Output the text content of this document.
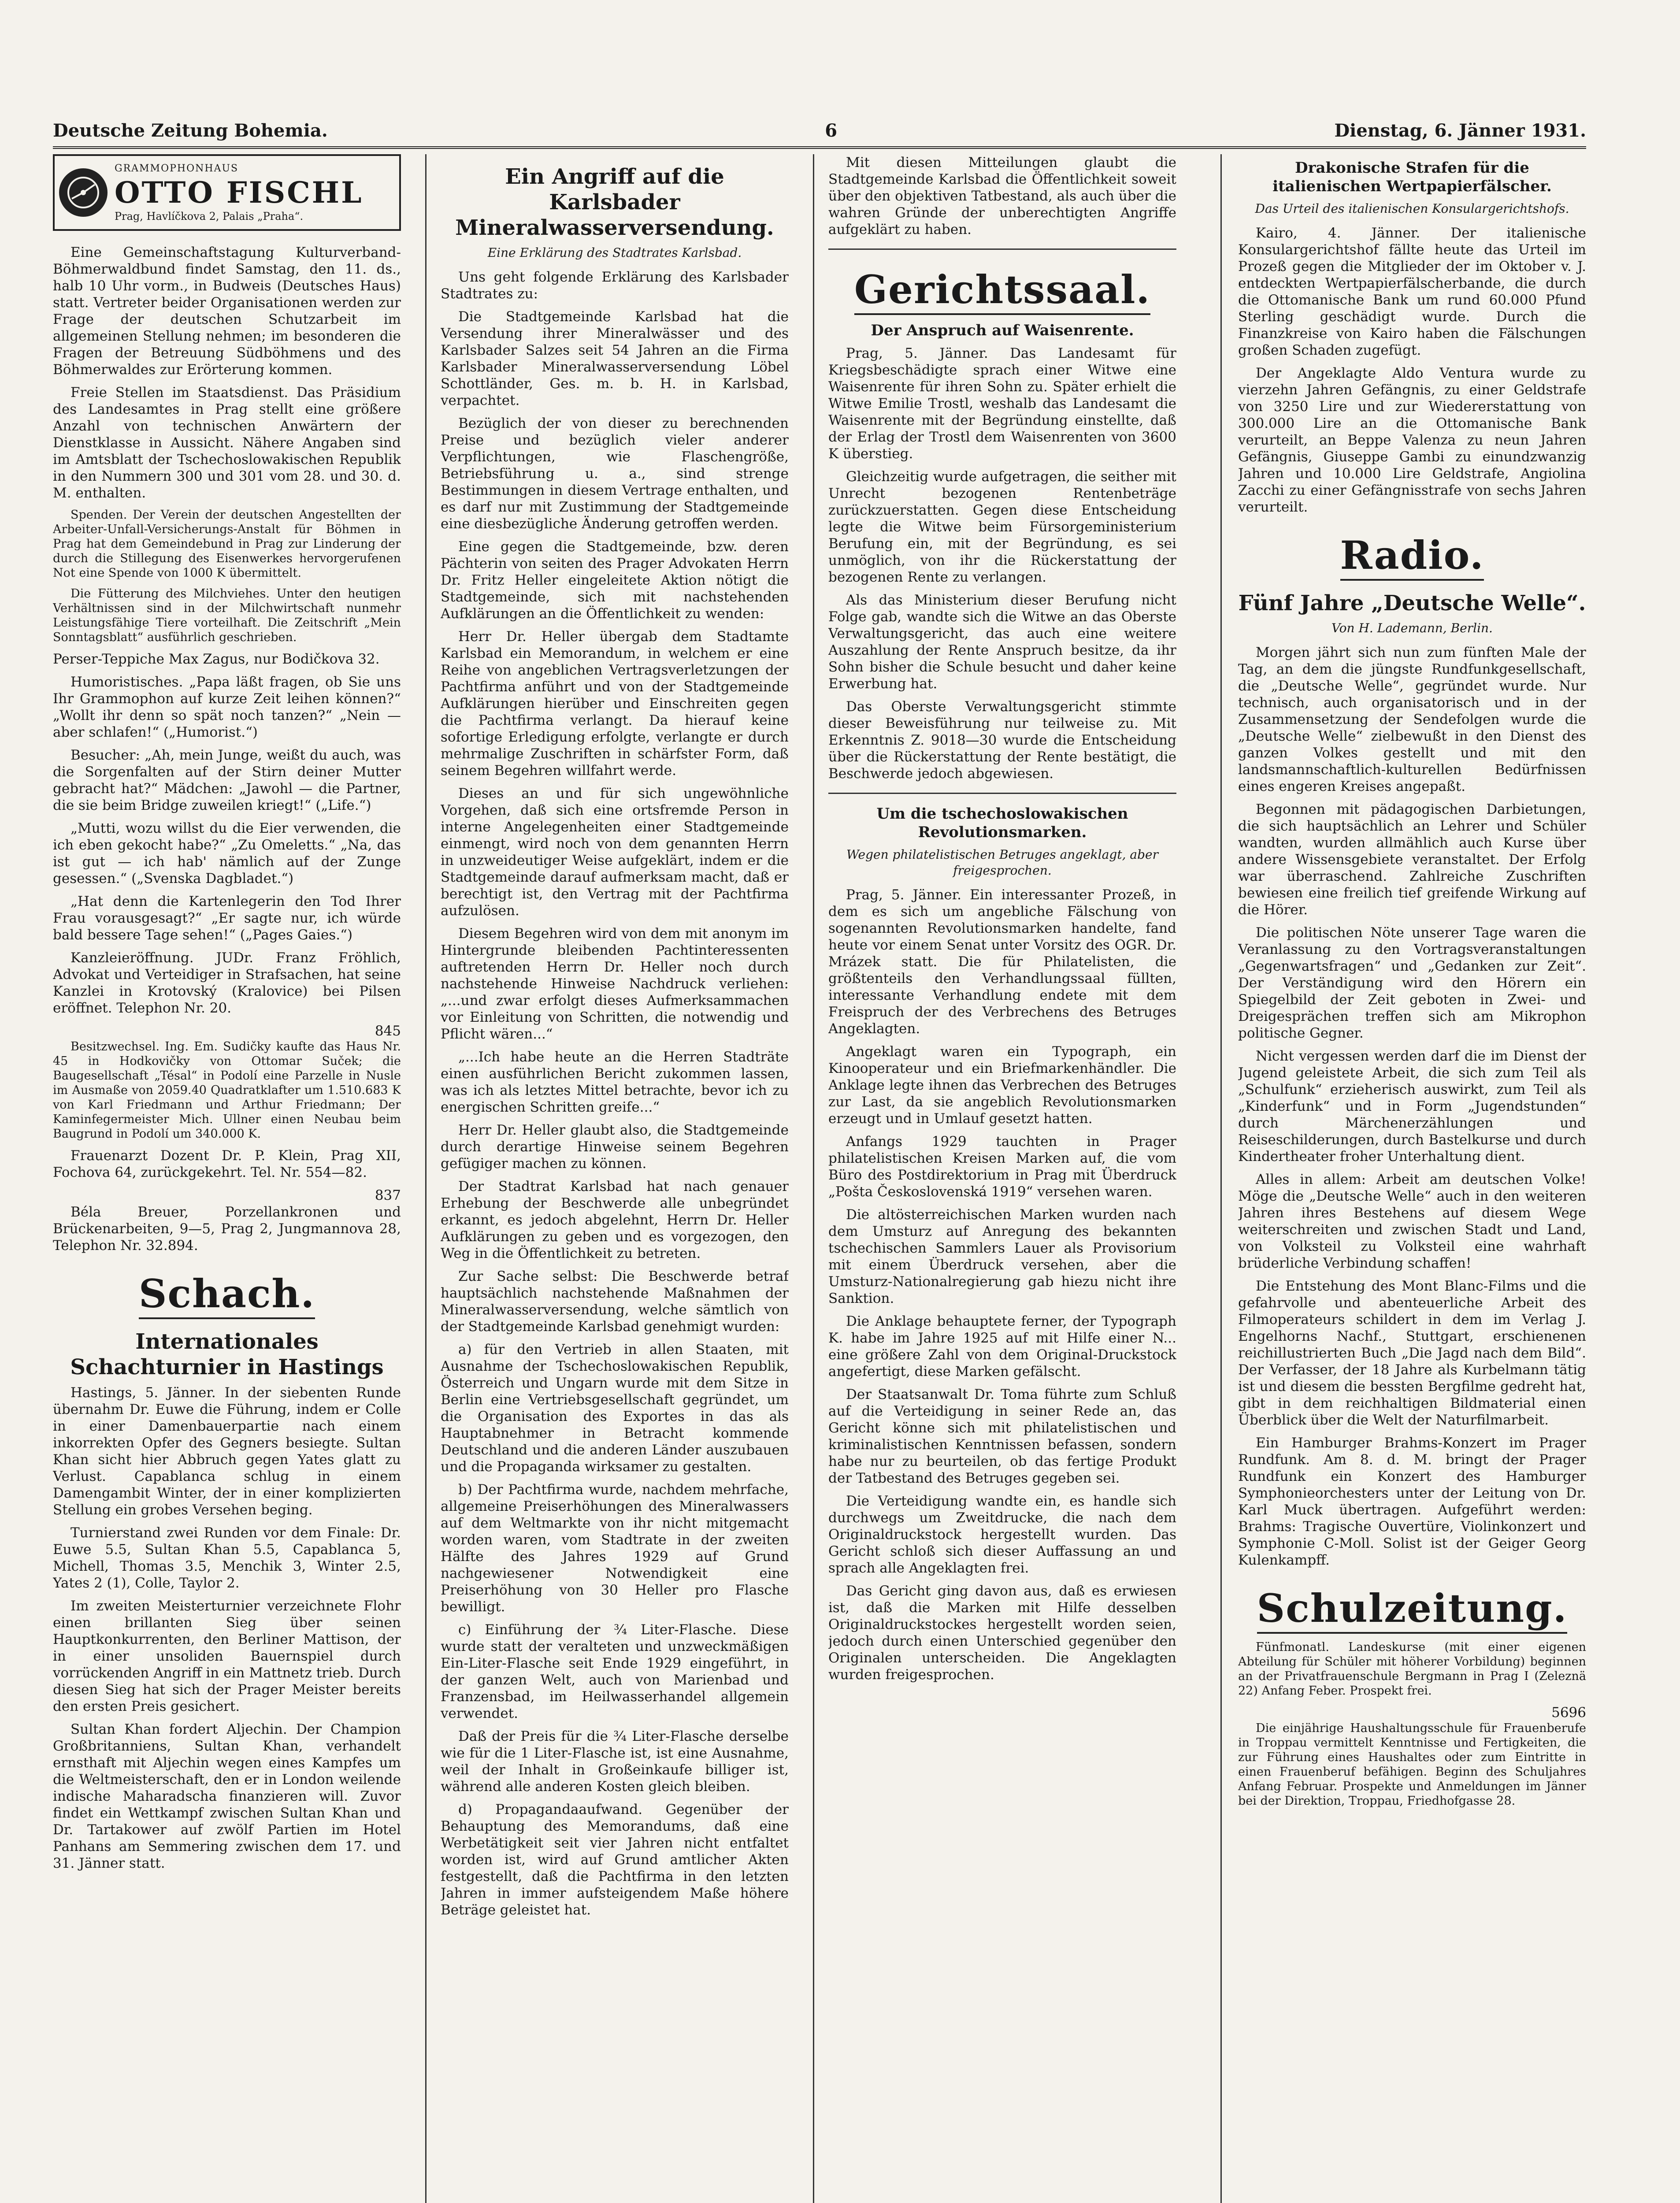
Deutsche Zeitung Bohemia.	6	Dienstag, 6. Jänner 1931.
GRAMMOPHONHAUS
OTTO FISCHL
Prag, Havlíčkova 2, Palais „Praha“.

Eine Gemeinschaftstagung Kulturverband-Böhmerwaldbund findet Samstag, den 11. ds., halb 10 Uhr vorm., in Budweis (Deutsches Haus) statt. Vertreter beider Organisationen werden zur Frage der deutschen Schutzarbeit im allgemeinen Stellung nehmen; im besonderen die Fragen der Betreuung Südböhmens und des Böhmerwaldes zur Erörterung kommen.

Freie Stellen im Staatsdienst. Das Präsidium des Landesamtes in Prag stellt eine größere Anzahl von technischen Anwärtern der Dienstklasse in Aussicht. Nähere Angaben sind im Amtsblatt der Tschechoslowakischen Republik in den Nummern 300 und 301 vom 28. und 30. d. M. enthalten.

Spenden. Der Verein der deutschen Angestellten der Arbeiter-Unfall-Versicherungs-Anstalt für Böhmen in Prag hat dem Gemeindebund in Prag zur Linderung der durch die Stillegung des Eisenwerkes hervorgerufenen Not eine Spende von 1000 K übermittelt.

Die Fütterung des Milchviehes. Unter den heutigen Verhältnissen sind in der Milchwirtschaft nunmehr Leistungsfähige Tiere vorteilhaft. Die Zeitschrift „Mein Sonntagsblatt“ ausführlich geschrieben.

Perser-Teppiche Max Zagus, nur Bodičkova 32.

Humoristisches. „Papa läßt fragen, ob Sie uns Ihr Grammophon auf kurze Zeit leihen können?“ „Wollt ihr denn so spät noch tanzen?“ „Nein — aber schlafen!“ („Humorist.“)

Besucher: „Ah, mein Junge, weißt du auch, was die Sorgenfalten auf der Stirn deiner Mutter gebracht hat?“ Mädchen: „Jawohl — die Partner, die sie beim Bridge zuweilen kriegt!“ („Life.“)

„Mutti, wozu willst du die Eier verwenden, die ich eben gekocht habe?“ „Zu Omeletts.“ „Na, das ist gut — ich hab' nämlich auf der Zunge gesessen.“ („Svenska Dagbladet.“)

„Hat denn die Kartenlegerin den Tod Ihrer Frau vorausgesagt?“ „Er sagte nur, ich würde bald bessere Tage sehen!“ („Pages Gaies.“)

Kanzleieröffnung. JUDr. Franz Fröhlich, Advokat und Verteidiger in Strafsachen, hat seine Kanzlei in Krotovský (Kralovice) bei Pilsen eröffnet. Telephon Nr. 20.

845

Besitzwechsel. Ing. Em. Sudičky kaufte das Haus Nr. 45 in Hodkovičky von Ottomar Suček; die Baugesellschaft „Tésal“ in Podolí eine Parzelle in Nusle im Ausmaße von 2059.40 Quadratklafter um 1.510.683 K von Karl Friedmann und Arthur Friedmann; Der Kaminfegermeister Mich. Ullner einen Neubau beim Baugrund in Podolí um 340.000 K.

Frauenarzt Dozent Dr. P. Klein, Prag XII, Fochova 64, zurückgekehrt. Tel. Nr. 554—82.

837

Béla Breuer, Porzellankronen und Brückenarbeiten, 9—5, Prag 2, Jungmannova 28, Telephon Nr. 32.894.

Schach.
Internationales Schachturnier in Hastings

Hastings, 5. Jänner. In der siebenten Runde übernahm Dr. Euwe die Führung, indem er Colle in einer Damenbauerpartie nach einem inkorrekten Opfer des Gegners besiegte. Sultan Khan sicht hier Abbruch gegen Yates glatt zu Verlust. Capablanca schlug in einem Damengambit Winter, der in einer komplizierten Stellung ein grobes Versehen beging.

Turnierstand zwei Runden vor dem Finale: Dr. Euwe 5.5, Sultan Khan 5.5, Capablanca 5, Michell, Thomas 3.5, Menchik 3, Winter 2.5, Yates 2 (1), Colle, Taylor 2.

Im zweiten Meisterturnier verzeichnete Flohr einen brillanten Sieg über seinen Hauptkonkurrenten, den Berliner Mattison, der in einer unsoliden Bauernspiel durch vorrückenden Angriff in ein Mattnetz trieb. Durch diesen Sieg hat sich der Prager Meister bereits den ersten Preis gesichert.

Sultan Khan fordert Aljechin. Der Champion Großbritanniens, Sultan Khan, verhandelt ernsthaft mit Aljechin wegen eines Kampfes um die Weltmeisterschaft, den er in London weilende indische Maharadscha finanzieren will. Zuvor findet ein Wettkampf zwischen Sultan Khan und Dr. Tartakower auf zwölf Partien im Hotel Panhans am Semmering zwischen dem 17. und 31. Jänner statt.

Ein Angriff auf die Karlsbader Mineralwasserversendung.
Eine Erklärung des Stadtrates Karlsbad.

Uns geht folgende Erklärung des Karlsbader Stadtrates zu:

Die Stadtgemeinde Karlsbad hat die Versendung ihrer Mineralwässer und des Karlsbader Salzes seit 54 Jahren an die Firma Karlsbader Mineralwasserversendung Löbel Schottländer, Ges. m. b. H. in Karlsbad, verpachtet.

Bezüglich der von dieser zu berechnenden Preise und bezüglich vieler anderer Verpflichtungen, wie Flaschengröße, Betriebsführung u. a., sind strenge Bestimmungen in diesem Vertrage enthalten, und es darf nur mit Zustimmung der Stadtgemeinde eine diesbezügliche Änderung getroffen werden.

Eine gegen die Stadtgemeinde, bzw. deren Pächterin von seiten des Prager Advokaten Herrn Dr. Fritz Heller eingeleitete Aktion nötigt die Stadtgemeinde, sich mit nachstehenden Aufklärungen an die Öffentlichkeit zu wenden:

Herr Dr. Heller übergab dem Stadtamte Karlsbad ein Memorandum, in welchem er eine Reihe von angeblichen Vertragsverletzungen der Pachtfirma anführt und von der Stadtgemeinde Aufklärungen hierüber und Einschreiten gegen die Pachtfirma verlangt. Da hierauf keine sofortige Erledigung erfolgte, verlangte er durch mehrmalige Zuschriften in schärfster Form, daß seinem Begehren willfahrt werde.

Dieses an und für sich ungewöhnliche Vorgehen, daß sich eine ortsfremde Person in interne Angelegenheiten einer Stadtgemeinde einmengt, wird noch von dem genannten Herrn in unzweideutiger Weise aufgeklärt, indem er die Stadtgemeinde darauf aufmerksam macht, daß er berechtigt ist, den Vertrag mit der Pachtfirma aufzulösen.

Diesem Begehren wird von dem mit anonym im Hintergrunde bleibenden Pachtinteressenten auftretenden Herrn Dr. Heller noch durch nachstehende Hinweise Nachdruck verliehen: „...und zwar erfolgt dieses Aufmerksammachen vor Einleitung von Schritten, die notwendig und Pflicht wären...“

„...Ich habe heute an die Herren Stadträte einen ausführlichen Bericht zukommen lassen, was ich als letztes Mittel betrachte, bevor ich zu energischen Schritten greife...“

Herr Dr. Heller glaubt also, die Stadtgemeinde durch derartige Hinweise seinem Begehren gefügiger machen zu können.

Der Stadtrat Karlsbad hat nach genauer Erhebung der Beschwerde alle unbegründet erkannt, es jedoch abgelehnt, Herrn Dr. Heller Aufklärungen zu geben und es vorgezogen, den Weg in die Öffentlichkeit zu betreten.

Zur Sache selbst: Die Beschwerde betraf hauptsächlich nachstehende Maßnahmen der Mineralwasserversendung, welche sämtlich von der Stadtgemeinde Karlsbad genehmigt wurden:

a) für den Vertrieb in allen Staaten, mit Ausnahme der Tschechoslowakischen Republik, Österreich und Ungarn wurde mit dem Sitze in Berlin eine Vertriebsgesellschaft gegründet, um die Organisation des Exportes in das als Hauptabnehmer in Betracht kommende Deutschland und die anderen Länder auszubauen und die Propaganda wirksamer zu gestalten.

b) Der Pachtfirma wurde, nachdem mehrfache, allgemeine Preiserhöhungen des Mineralwassers auf dem Weltmarkte von ihr nicht mitgemacht worden waren, vom Stadtrate in der zweiten Hälfte des Jahres 1929 auf Grund nachgewiesener Notwendigkeit eine Preiserhöhung von 30 Heller pro Flasche bewilligt.

c) Einführung der ¾ Liter-Flasche. Diese wurde statt der veralteten und unzweckmäßigen Ein-Liter-Flasche seit Ende 1929 eingeführt, in der ganzen Welt, auch von Marienbad und Franzensbad, im Heilwasserhandel allgemein verwendet.

Daß der Preis für die ¾ Liter-Flasche derselbe wie für die 1 Liter-Flasche ist, ist eine Ausnahme, weil der Inhalt in Großeinkaufe billiger ist, während alle anderen Kosten gleich bleiben.

d) Propagandaaufwand. Gegenüber der Behauptung des Memorandums, daß eine Werbetätigkeit seit vier Jahren nicht entfaltet worden ist, wird auf Grund amtlicher Akten festgestellt, daß die Pachtfirma in den letzten Jahren in immer aufsteigendem Maße höhere Beträge geleistet hat.

Mit diesen Mitteilungen glaubt die Stadtgemeinde Karlsbad die Öffentlichkeit soweit über den objektiven Tatbestand, als auch über die wahren Gründe der unberechtigten Angriffe aufgeklärt zu haben.

Gerichtssaal.
Der Anspruch auf Waisenrente.

Prag, 5. Jänner. Das Landesamt für Kriegsbeschädigte sprach einer Witwe eine Waisenrente für ihren Sohn zu. Später erhielt die Witwe Emilie Trostl, weshalb das Landesamt die Waisenrente mit der Begründung einstellte, daß der Erlag der Trostl dem Waisenrenten von 3600 K überstieg.

Gleichzeitig wurde aufgetragen, die seither mit Unrecht bezogenen Rentenbeträge zurückzuerstatten. Gegen diese Entscheidung legte die Witwe beim Fürsorgeministerium Berufung ein, mit der Begründung, es sei unmöglich, von ihr die Rückerstattung der bezogenen Rente zu verlangen.

Als das Ministerium dieser Berufung nicht Folge gab, wandte sich die Witwe an das Oberste Verwaltungsgericht, das auch eine weitere Auszahlung der Rente Anspruch besitze, da ihr Sohn bisher die Schule besucht und daher keine Erwerbung hat.

Das Oberste Verwaltungsgericht stimmte dieser Beweisführung nur teilweise zu. Mit Erkenntnis Z. 9018—30 wurde die Entscheidung über die Rückerstattung der Rente bestätigt, die Beschwerde jedoch abgewiesen.

Um die tschechoslowakischen Revolutionsmarken.
Wegen philatelistischen Betruges angeklagt, aber freigesprochen.

Prag, 5. Jänner. Ein interessanter Prozeß, in dem es sich um angebliche Fälschung von sogenannten Revolutionsmarken handelte, fand heute vor einem Senat unter Vorsitz des OGR. Dr. Mrázek statt. Die für Philatelisten, die größtenteils den Verhandlungssaal füllten, interessante Verhandlung endete mit dem Freispruch der des Verbrechens des Betruges Angeklagten.

Angeklagt waren ein Typograph, ein Kinooperateur und ein Briefmarkenhändler. Die Anklage legte ihnen das Verbrechen des Betruges zur Last, da sie angeblich Revolutionsmarken erzeugt und in Umlauf gesetzt hatten.

Anfangs 1929 tauchten in Prager philatelistischen Kreisen Marken auf, die vom Büro des Postdirektorium in Prag mit Überdruck „Pošta Československá 1919“ versehen waren.

Die altösterreichischen Marken wurden nach dem Umsturz auf Anregung des bekannten tschechischen Sammlers Lauer als Provisorium mit einem Überdruck versehen, aber die Umsturz-Nationalregierung gab hiezu nicht ihre Sanktion.

Die Anklage behauptete ferner, der Typograph K. habe im Jahre 1925 auf mit Hilfe einer N... eine größere Zahl von dem Original-Druckstock angefertigt, diese Marken gefälscht.

Der Staatsanwalt Dr. Toma führte zum Schluß auf die Verteidigung in seiner Rede an, das Gericht könne sich mit philatelistischen und kriminalistischen Kenntnissen befassen, sondern habe nur zu beurteilen, ob das fertige Produkt der Tatbestand des Betruges gegeben sei.

Die Verteidigung wandte ein, es handle sich durchwegs um Zweitdrucke, die nach dem Originaldruckstock hergestellt wurden. Das Gericht schloß sich dieser Auffassung an und sprach alle Angeklagten frei.

Das Gericht ging davon aus, daß es erwiesen ist, daß die Marken mit Hilfe desselben Originaldruckstockes hergestellt worden seien, jedoch durch einen Unterschied gegenüber den Originalen unterscheiden. Die Angeklagten wurden freigesprochen.

Drakonische Strafen für die italienischen Wertpapierfälscher.
Das Urteil des italienischen Konsulargerichtshofs.

Kairo, 4. Jänner. Der italienische Konsulargerichtshof fällte heute das Urteil im Prozeß gegen die Mitglieder der im Oktober v. J. entdeckten Wertpapierfälscherbande, die durch die Ottomanische Bank um rund 60.000 Pfund Sterling geschädigt wurde. Durch die Finanzkreise von Kairo haben die Fälschungen großen Schaden zugefügt.

Der Angeklagte Aldo Ventura wurde zu vierzehn Jahren Gefängnis, zu einer Geldstrafe von 3250 Lire und zur Wiedererstattung von 300.000 Lire an die Ottomanische Bank verurteilt, an Beppe Valenza zu neun Jahren Gefängnis, Giuseppe Gambi zu einundzwanzig Jahren und 10.000 Lire Geldstrafe, Angiolina Zacchi zu einer Gefängnisstrafe von sechs Jahren verurteilt.

Radio.
Fünf Jahre „Deutsche Welle“.
Von H. Lademann, Berlin.

Morgen jährt sich nun zum fünften Male der Tag, an dem die jüngste Rundfunkgesellschaft, die „Deutsche Welle“, gegründet wurde. Nur technisch, auch organisatorisch und in der Zusammensetzung der Sendefolgen wurde die „Deutsche Welle“ zielbewußt in den Dienst des ganzen Volkes gestellt und mit den landsmannschaftlich-kulturellen Bedürfnissen eines engeren Kreises angepaßt.

Begonnen mit pädagogischen Darbietungen, die sich hauptsächlich an Lehrer und Schüler wandten, wurden allmählich auch Kurse über andere Wissensgebiete veranstaltet. Der Erfolg war überraschend. Zahlreiche Zuschriften bewiesen eine freilich tief greifende Wirkung auf die Hörer.

Die politischen Nöte unserer Tage waren die Veranlassung zu den Vortragsveranstaltungen „Gegenwartsfragen“ und „Gedanken zur Zeit“. Der Verständigung wird den Hörern ein Spiegelbild der Zeit geboten in Zwei- und Dreigesprächen treffen sich am Mikrophon politische Gegner.

Nicht vergessen werden darf die im Dienst der Jugend geleistete Arbeit, die sich zum Teil als „Schulfunk“ erzieherisch auswirkt, zum Teil als „Kinderfunk“ und in Form „Jugendstunden“ durch Märchenerzählungen und Reiseschilderungen, durch Bastelkurse und durch Kindertheater froher Unterhaltung dient.

Alles in allem: Arbeit am deutschen Volke! Möge die „Deutsche Welle“ auch in den weiteren Jahren ihres Bestehens auf diesem Wege weiterschreiten und zwischen Stadt und Land, von Volksteil zu Volksteil eine wahrhaft brüderliche Verbindung schaffen!

Die Entstehung des Mont Blanc-Films und die gefahrvolle und abenteuerliche Arbeit des Filmoperateurs schildert in dem im Verlag J. Engelhorns Nachf., Stuttgart, erschienenen reichillustrierten Buch „Die Jagd nach dem Bild“. Der Verfasser, der 18 Jahre als Kurbelmann tätig ist und diesem die bessten Bergfilme gedreht hat, gibt in dem reichhaltigen Bildmaterial einen Überblick über die Welt der Naturfilmarbeit.

Ein Hamburger Brahms-Konzert im Prager Rundfunk. Am 8. d. M. bringt der Prager Rundfunk ein Konzert des Hamburger Symphonieorchesters unter der Leitung von Dr. Karl Muck übertragen. Aufgeführt werden: Brahms: Tragische Ouvertüre, Violinkonzert und Symphonie C-Moll. Solist ist der Geiger Georg Kulenkampff.

Schulzeitung.

Fünfmonatl. Landeskurse (mit einer eigenen Abteilung für Schüler mit höherer Vorbildung) beginnen an der Privatfrauenschule Bergmann in Prag I (Zeleznä 22) Anfang Feber. Prospekt frei.

5696

Die einjährige Haushaltungsschule für Frauenberufe in Troppau vermittelt Kenntnisse und Fertigkeiten, die zur Führung eines Haushaltes oder zum Eintritte in einen Frauenberuf befähigen. Beginn des Schuljahres Anfang Februar. Prospekte und Anmeldungen im Jänner bei der Direktion, Troppau, Friedhofgasse 28.
